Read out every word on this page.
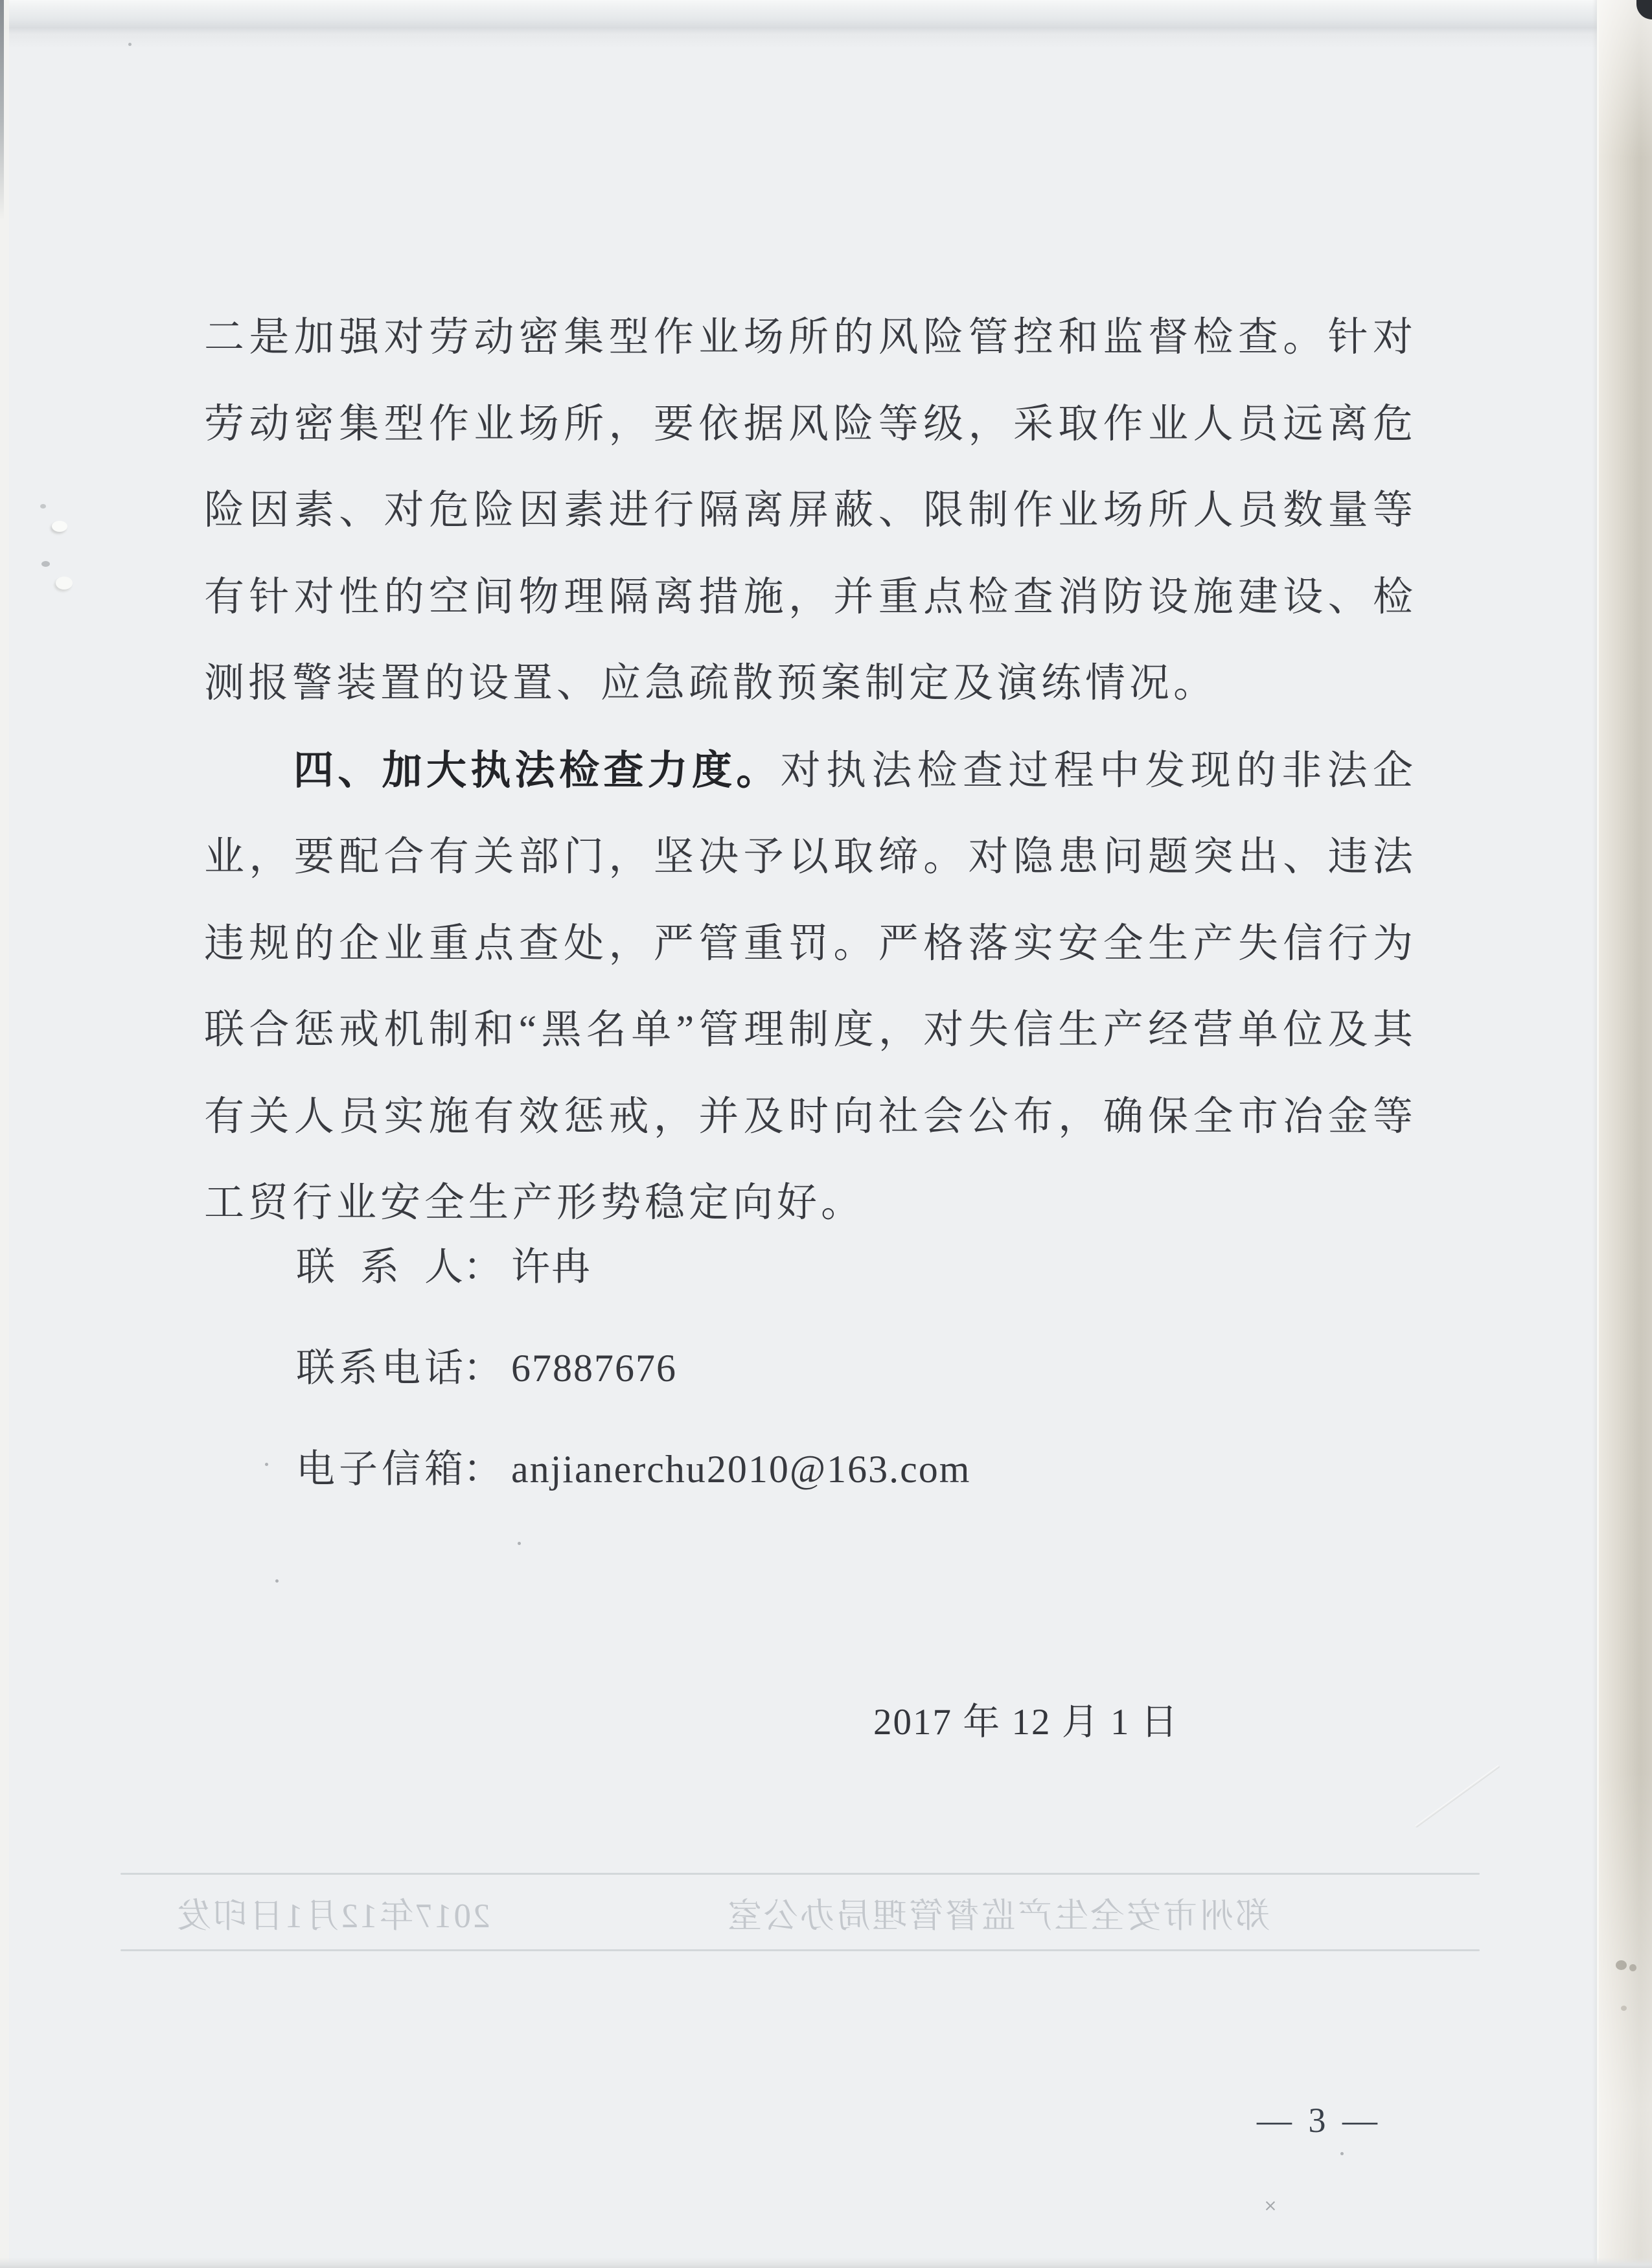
二是加强对劳动密集型作业场所的风险管控和监督检查。针对劳动密集型作业场所，要依据风险等级，采取作业人员远离危险因素、对危险因素进行隔离屏蔽、限制作业场所人员数量等有针对性的空间物理隔离措施，并重点检查消防设施建设、检测报警装置的设置、应急疏散预案制定及演练情况。

四、加大执法检查力度。对执法检查过程中发现的非法企业，要配合有关部门，坚决予以取缔。对隐患问题突出、违法违规的企业重点查处，严管重罚。严格落实安全生产失信行为联合惩戒机制和“黑名单”管理制度，对失信生产经营单位及其有关人员实施有效惩戒，并及时向社会公布，确保全市冶金等工贸行业安全生产形势稳定向好。

联系人： 许冉
联系电话： 67887676
电子信箱： anjianerchu2010@163.com
2017 年 12 月 1 日
郑州市安全生产监督管理局办公室
2017年12月1日印发
— 3 —
